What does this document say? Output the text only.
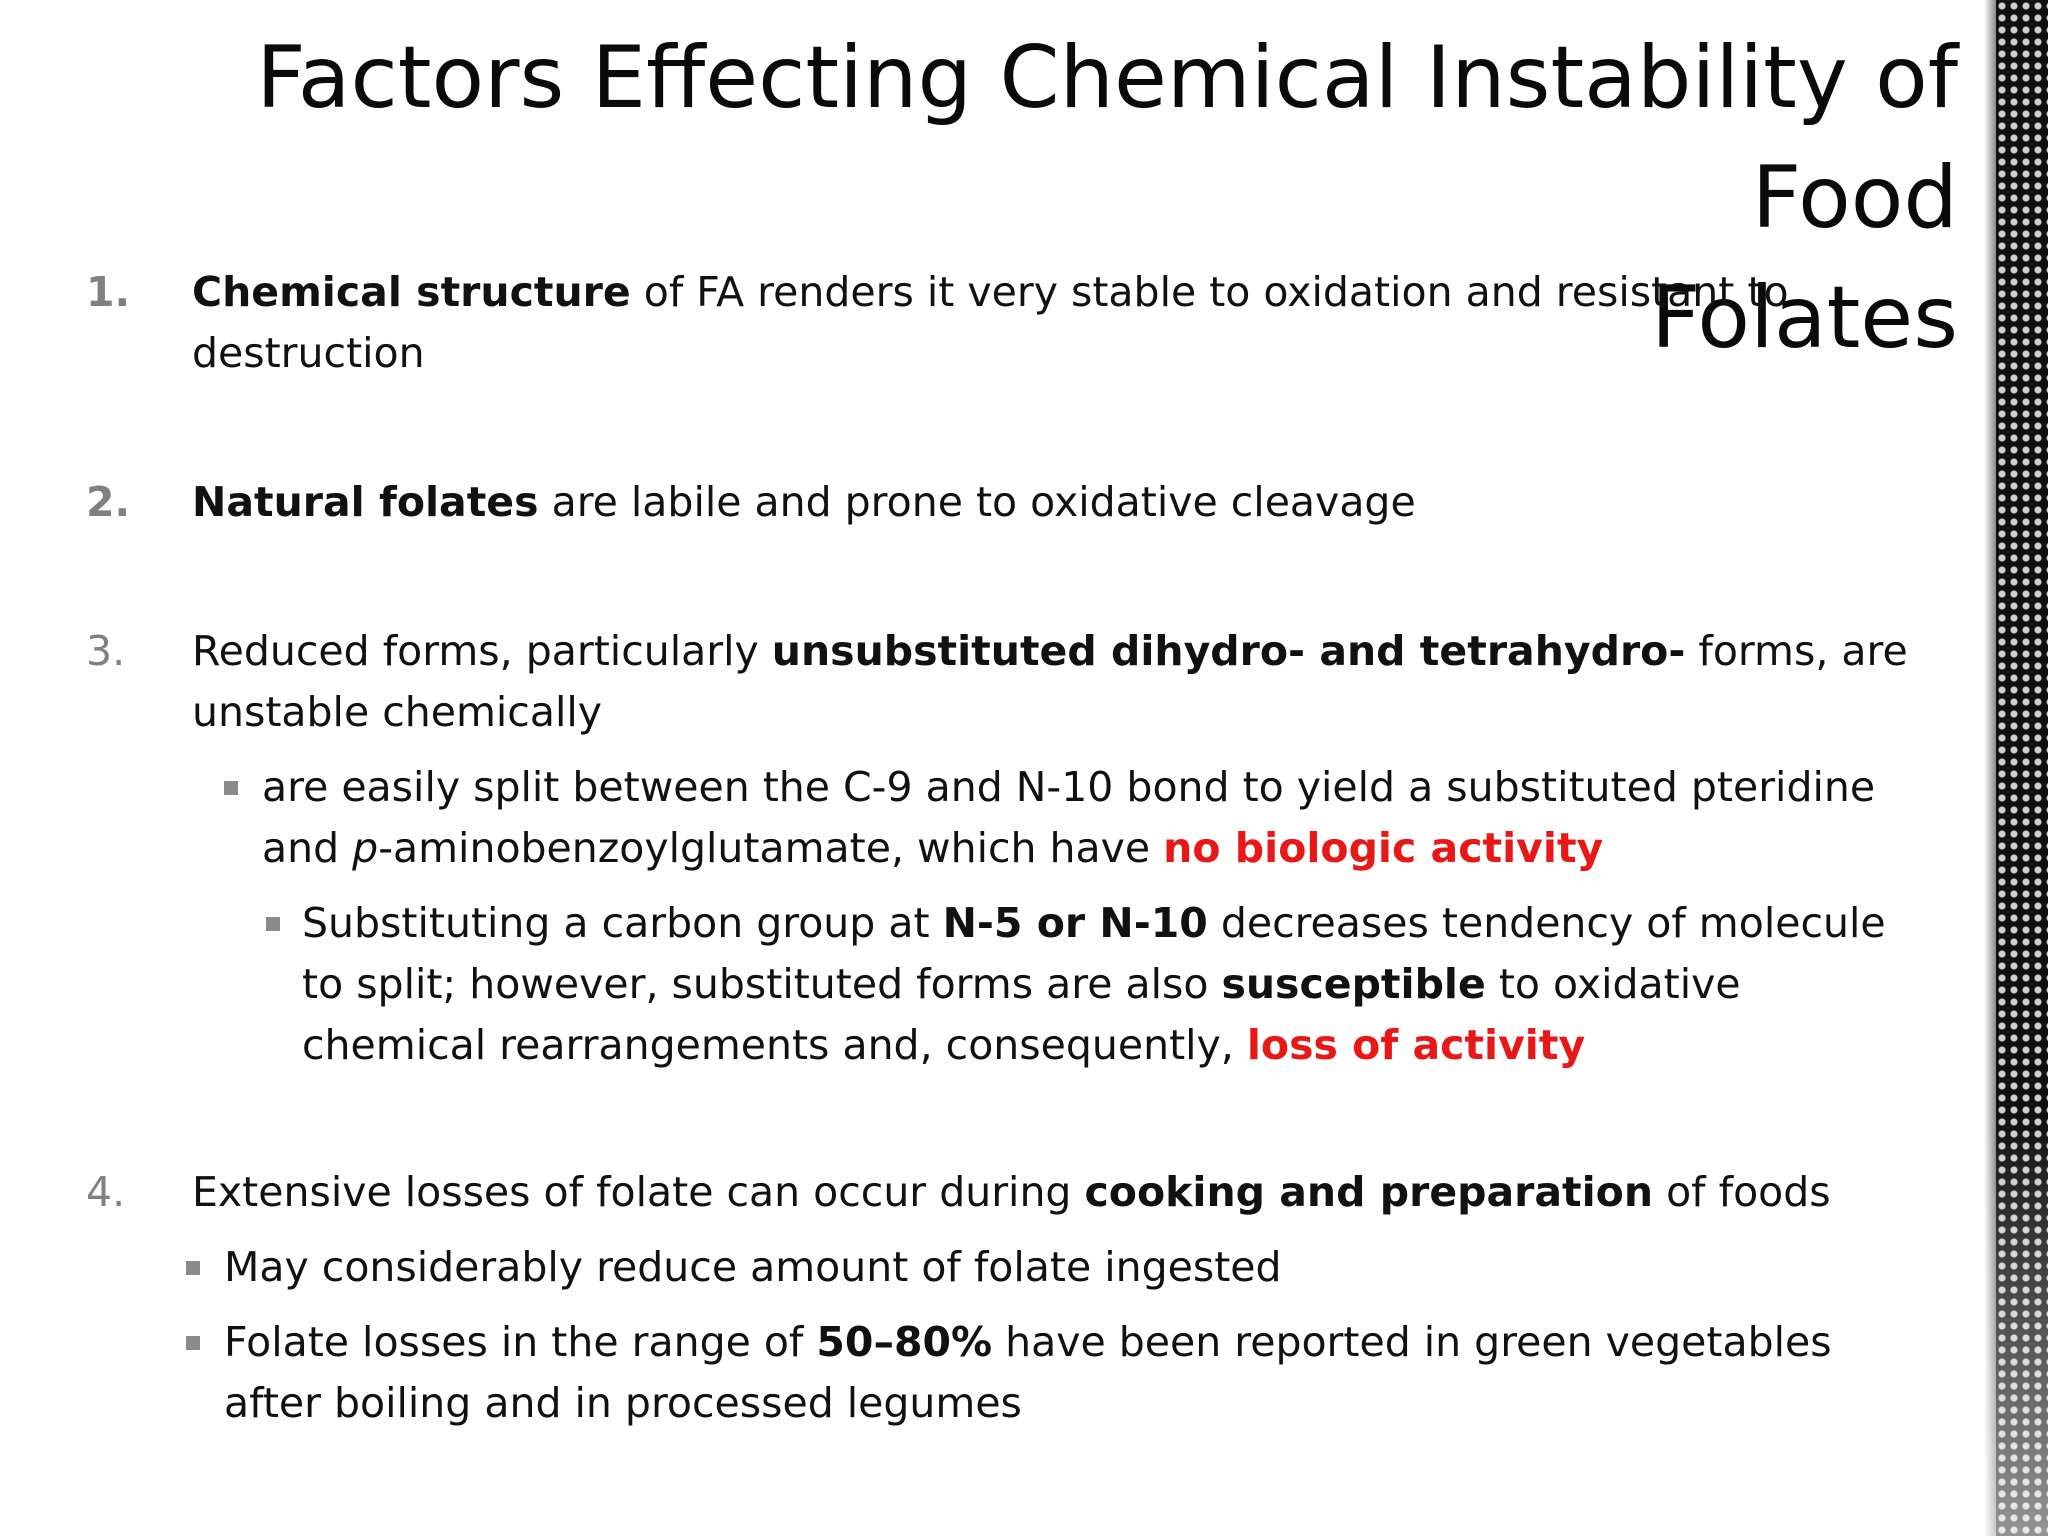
Factors Effecting Chemical Instability of Food
Folates
1. Chemical structure of FA renders it very stable to oxidation and resistant to destruction
2. Natural folates are labile and prone to oxidative cleavage
3. Reduced forms, particularly unsubstituted dihydro- and tetrahydro- forms, are unstable chemically
are easily split between the C-9 and N-10 bond to yield a substituted pteridine and p-aminobenzoylglutamate, which have no biologic activity
Substituting a carbon group at N-5 or N-10 decreases tendency of molecule to split; however, substituted forms are also susceptible to oxidative chemical rearrangements and, consequently, loss of activity
4. Extensive losses of folate can occur during cooking and preparation of foods
May considerably reduce amount of folate ingested
Folate losses in the range of 50–80% have been reported in green vegetables after boiling and in processed legumes
